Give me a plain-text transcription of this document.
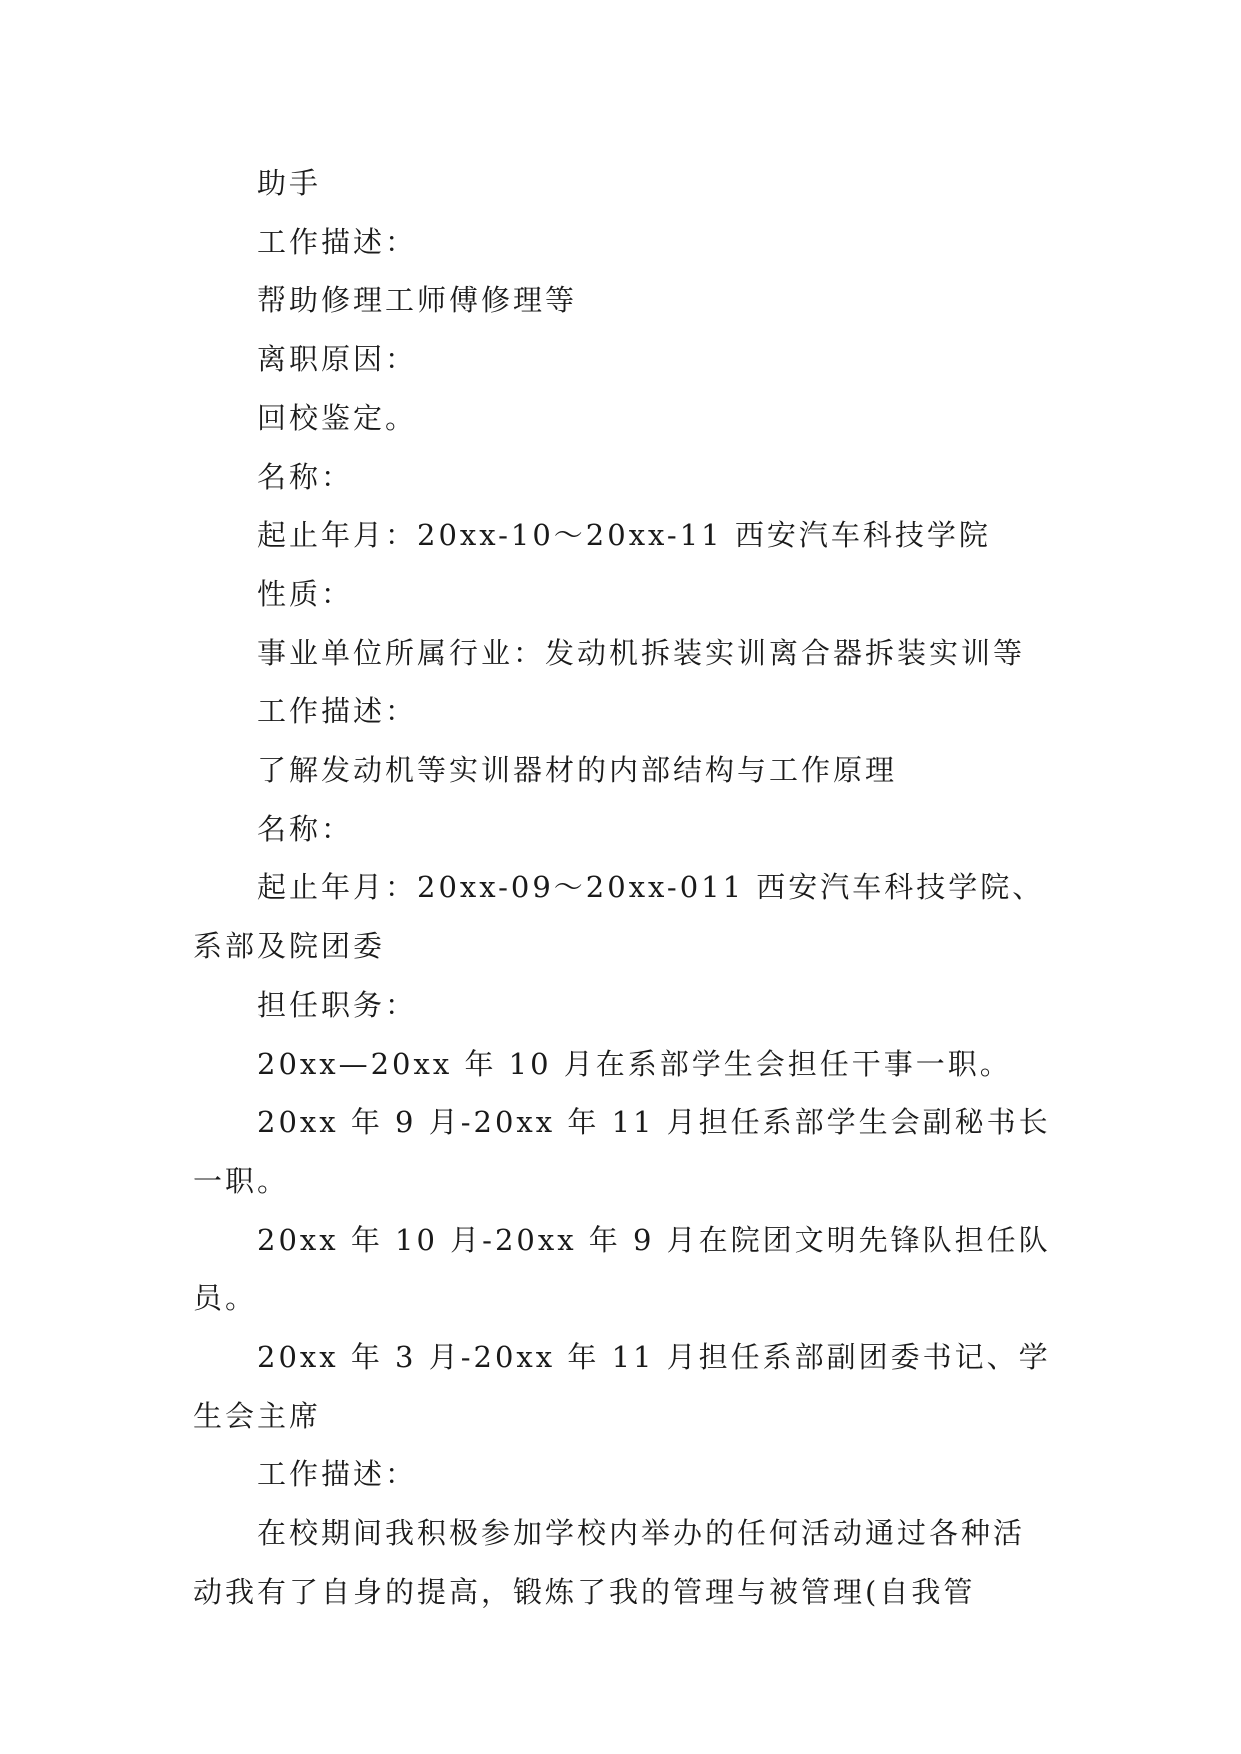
助手

工作描述：

帮助修理工师傅修理等

离职原因：

回校鉴定。

名称：

起止年月：20xx-10～20xx-11 西安汽车科技学院

性质：

事业单位所属行业：发动机拆装实训离合器拆装实训等

工作描述：

了解发动机等实训器材的内部结构与工作原理

名称：

起止年月：20xx-09～20xx-011 西安汽车科技学院、系部及院团委

担任职务：

20xx—20xx 年 10 月在系部学生会担任干事一职。

20xx 年 9 月-20xx 年 11 月担任系部学生会副秘书长一职。

20xx 年 10 月-20xx 年 9 月在院团文明先锋队担任队员。

20xx 年 3 月-20xx 年 11 月担任系部副团委书记、学生会主席

工作描述：

在校期间我积极参加学校内举办的任何活动通过各种活动我有了自身的提高，锻炼了我的管理与被管理(自我管
